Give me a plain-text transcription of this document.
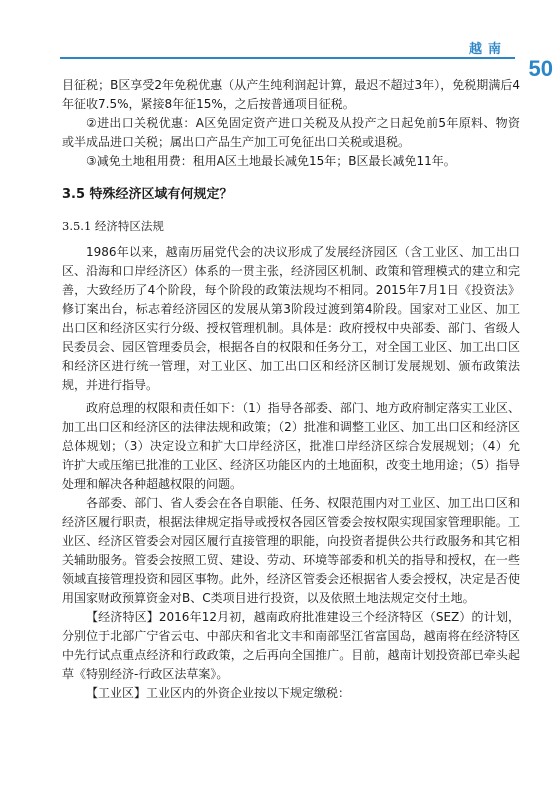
越南
50

目征税；B区享受2年免税优惠（从产生纯利润起计算，最迟不超过3年），免税期满后4年征收7.5%，紧接8年征15%，之后按普通项目征税。

②进出口关税优惠：A区免固定资产进口关税及从投产之日起免前5年原料、物资或半成品进口关税；属出口产品生产加工可免征出口关税或退税。

③减免土地租用费：租用A区土地最长减免15年；B区最长减免11年。

3.5 特殊经济区域有何规定？
3.5.1 经济特区法规

1986年以来，越南历届党代会的决议形成了发展经济园区（含工业区、加工出口区、沿海和口岸经济区）体系的一贯主张，经济园区机制、政策和管理模式的建立和完善，大致经历了4个阶段，每个阶段的政策法规均不相同。2015年7月1日《投资法》修订案出台，标志着经济园区的发展从第3阶段过渡到第4阶段。国家对工业区、加工出口区和经济区实行分级、授权管理机制。具体是：政府授权中央部委、部门、省级人民委员会、园区管理委员会，根据各自的权限和任务分工，对全国工业区、加工出口区和经济区进行统一管理，对工业区、加工出口区和经济区制订发展规划、颁布政策法规，并进行指导。

政府总理的权限和责任如下：（1）指导各部委、部门、地方政府制定落实工业区、加工出口区和经济区的法律法规和政策；（2）批准和调整工业区、加工出口区和经济区总体规划；（3）决定设立和扩大口岸经济区，批准口岸经济区综合发展规划；（4）允许扩大或压缩已批准的工业区、经济区功能区内的土地面积，改变土地用途；（5）指导处理和解决各种超越权限的问题。

各部委、部门、省人委会在各自职能、任务、权限范围内对工业区、加工出口区和经济区履行职责，根据法律规定指导或授权各园区管委会按权限实现国家管理职能。工业区、经济区管委会对园区履行直接管理的职能，向投资者提供公共行政服务和其它相关辅助服务。管委会按照工贸、建设、劳动、环境等部委和机关的指导和授权，在一些领域直接管理投资和园区事物。此外，经济区管委会还根据省人委会授权，决定是否使用国家财政预算资金对B、C类项目进行投资，以及依照土地法规定交付土地。

【经济特区】2016年12月初，越南政府批准建设三个经济特区（SEZ）的计划，分别位于北部广宁省云屯、中部庆和省北文丰和南部坚江省富国岛，越南将在经济特区中先行试点重点经济和行政政策，之后再向全国推广。目前，越南计划投资部已牵头起草《特别经济-行政区法草案》。

【工业区】工业区内的外资企业按以下规定缴税：
